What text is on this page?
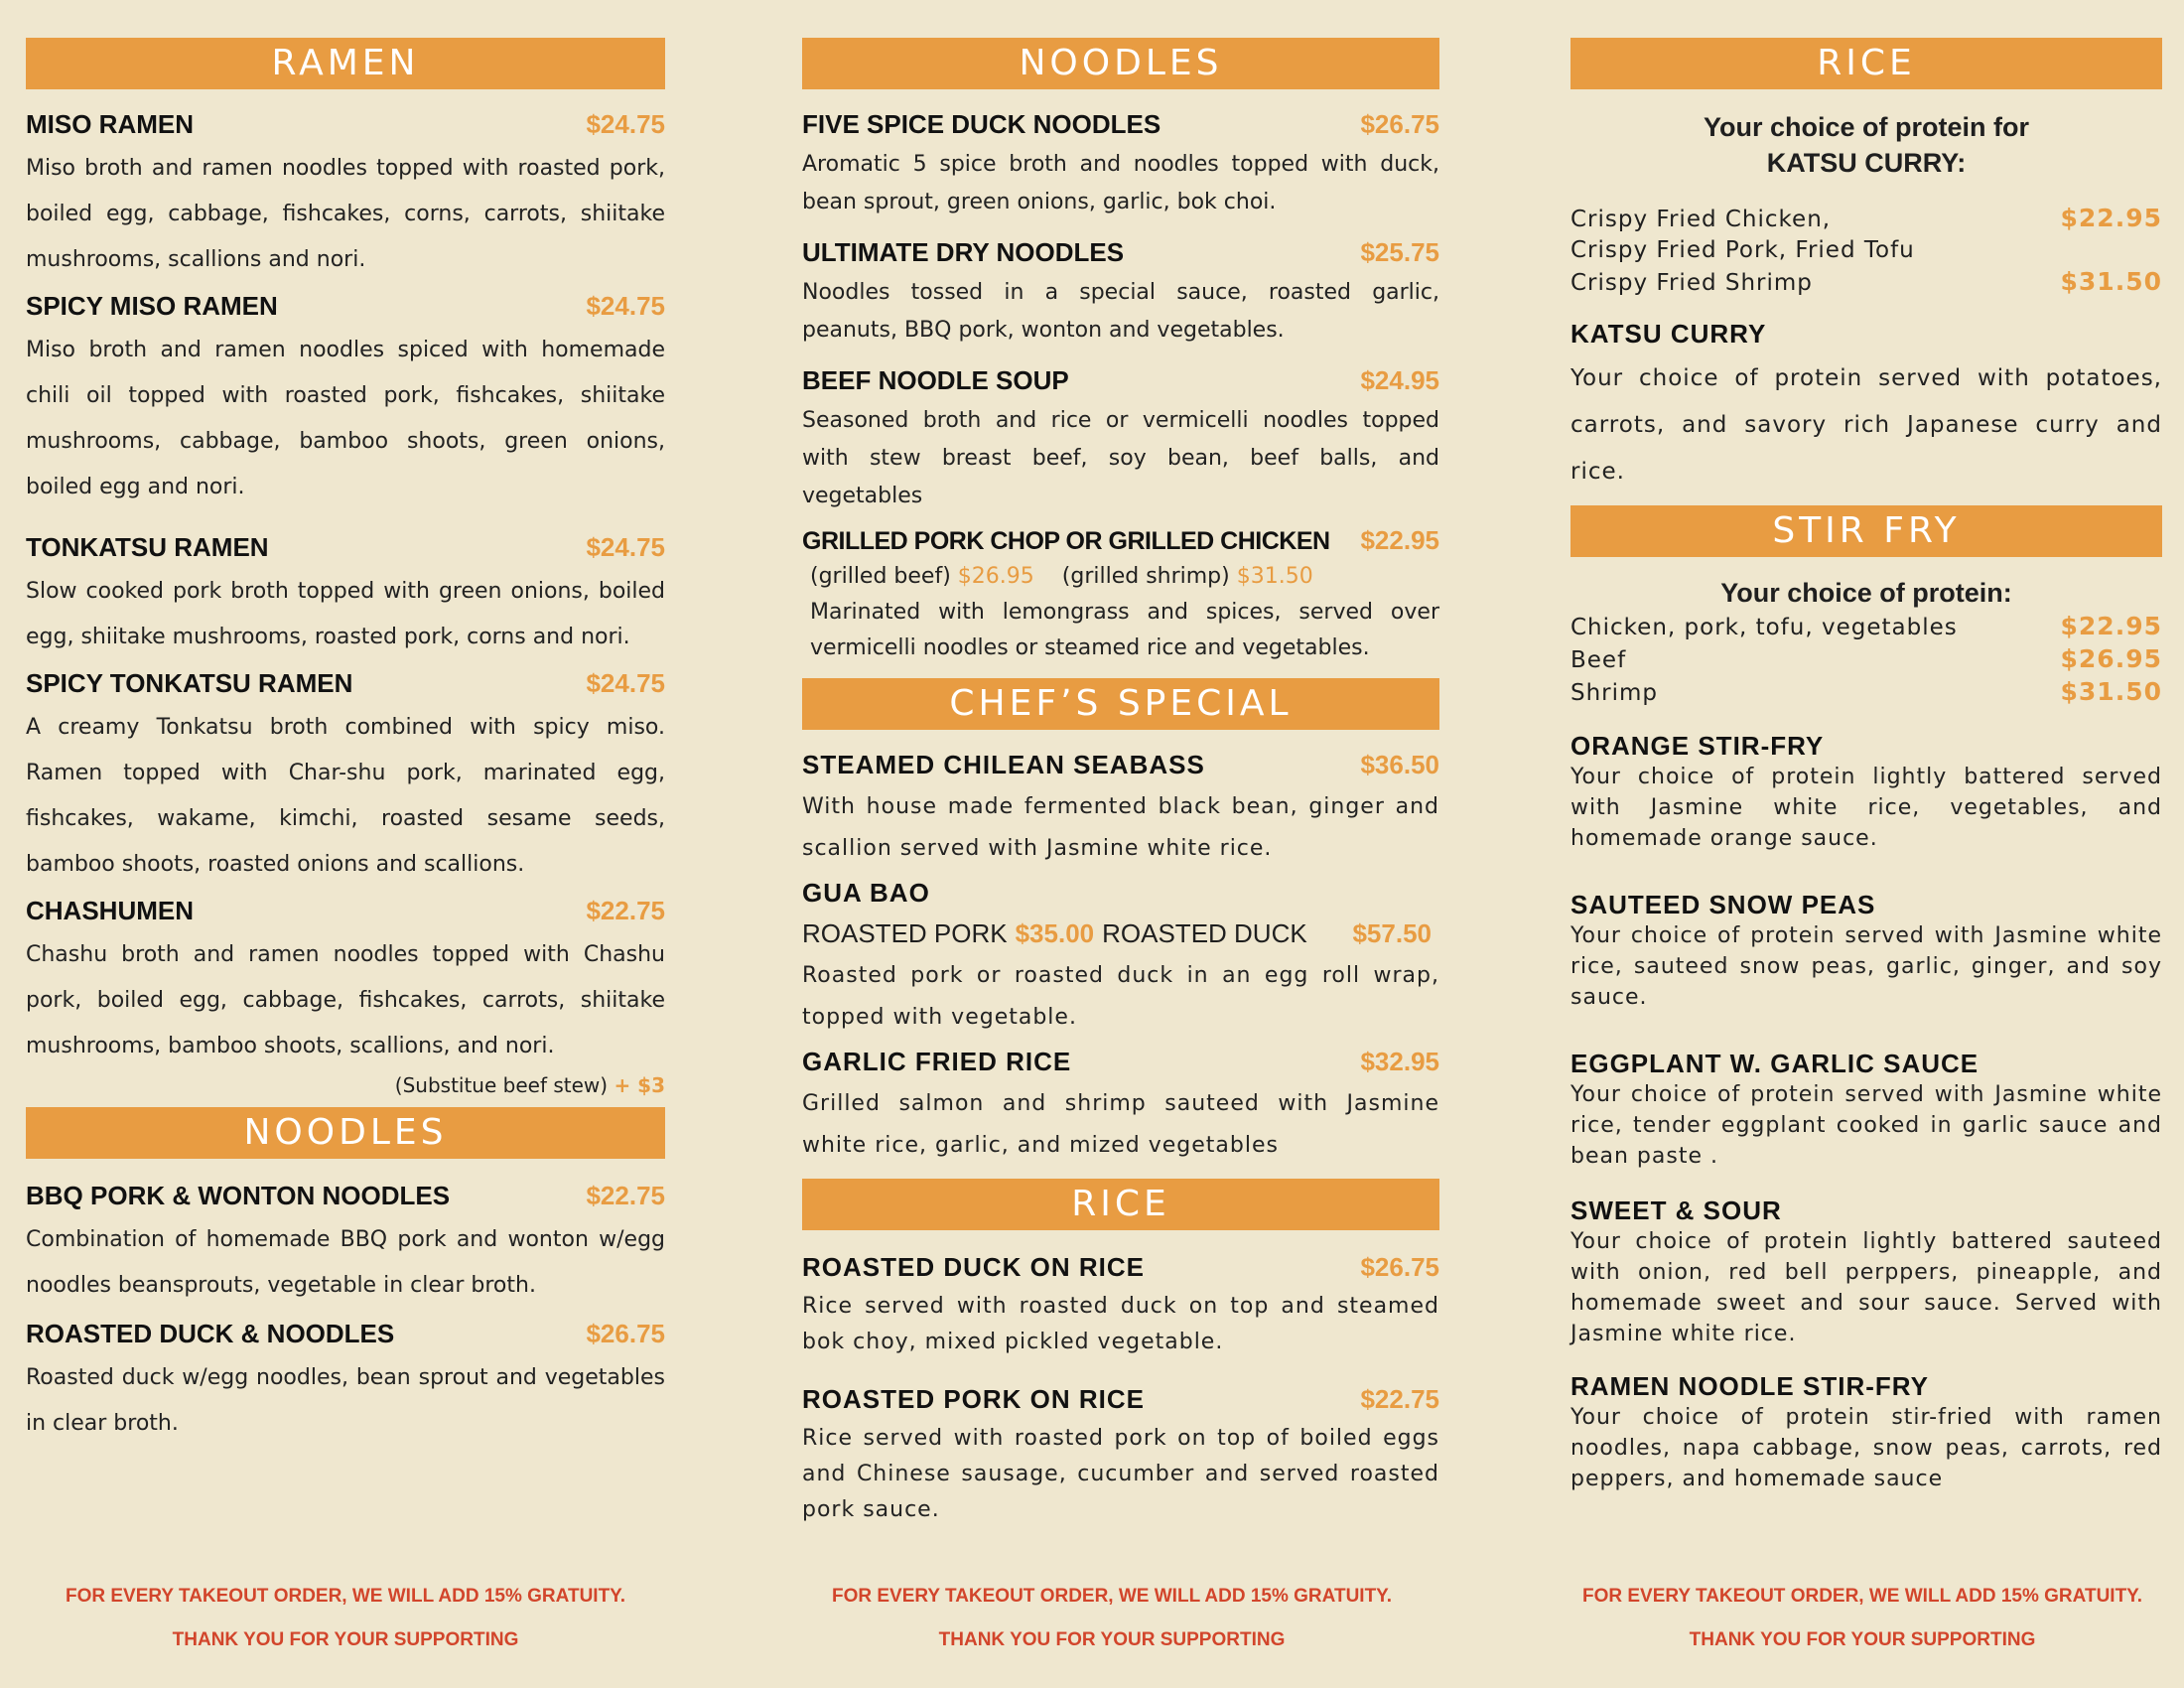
RAMEN
MISO RAMEN	$24.75

Miso broth and ramen noodles topped with roasted pork, boiled egg, cabbage, fishcakes, corns, carrots, shiitake mushrooms, scallions and nori.

SPICY MISO RAMEN	$24.75

Miso broth and ramen noodles spiced with homemade chili oil topped with roasted pork, fishcakes, shiitake mushrooms, cabbage, bamboo shoots, green onions, boiled egg and nori.

TONKATSU RAMEN	$24.75

Slow cooked pork broth topped with green onions, boiled egg, shiitake mushrooms, roasted pork, corns and nori.

SPICY TONKATSU RAMEN	$24.75

A creamy Tonkatsu broth combined with spicy miso. Ramen topped with Char-shu pork, marinated egg, fishcakes, wakame, kimchi, roasted sesame seeds, bamboo shoots, roasted onions and scallions.

CHASHUMEN	$22.75

Chashu broth and ramen noodles topped with Chashu pork, boiled egg, cabbage, fishcakes, carrots, shiitake mushrooms, bamboo shoots, scallions, and nori.

(Substitue beef stew) + $3
NOODLES
BBQ PORK & WONTON NOODLES	$22.75

Combination of homemade BBQ pork and wonton w/egg noodles beansprouts, vegetable in clear broth.

ROASTED DUCK & NOODLES	$26.75

Roasted duck w/egg noodles, bean sprout and vegetables in clear broth.

NOODLES
FIVE SPICE DUCK NOODLES	$26.75

Aromatic 5 spice broth and noodles topped with duck, bean sprout, green onions, garlic, bok choi.

ULTIMATE DRY NOODLES	$25.75

Noodles tossed in a special sauce, roasted garlic, peanuts, BBQ pork, wonton and vegetables.

BEEF NOODLE SOUP	$24.95

Seasoned broth and rice or vermicelli noodles topped with stew breast beef, soy bean, beef balls, and vegetables

GRILLED PORK CHOP OR GRILLED CHICKEN $22.95
(grilled beef) $26.95 (grilled shrimp) $31.50

Marinated with lemongrass and spices, served over vermicelli noodles or steamed rice and vegetables.

CHEF’S SPECIAL
STEAMED CHILEAN SEABASS	$36.50

With house made fermented black bean, ginger and scallion served with Jasmine white rice.

GUA BAO
ROASTED PORK $35.00 ROASTED DUCK $57.50

Roasted pork or roasted duck in an egg roll wrap, topped with vegetable.

GARLIC FRIED RICE	$32.95

Grilled salmon and shrimp sauteed with Jasmine white rice, garlic, and mized vegetables

RICE
ROASTED DUCK ON RICE	$26.75

Rice served with roasted duck on top and steamed bok choy, mixed pickled vegetable.

ROASTED PORK ON RICE	$22.75

Rice served with roasted pork on top of boiled eggs and Chinese sausage, cucumber and served roasted pork sauce.

RICE
Your choice of protein for
KATSU CURRY:
Crispy Fried Chicken,	$22.95
Crispy Fried Pork, Fried Tofu
Crispy Fried Shrimp	$31.50
KATSU CURRY

Your choice of protein served with potatoes, carrots, and savory rich Japanese curry and rice.

STIR FRY
Your choice of protein:
Chicken, pork, tofu, vegetables	$22.95
Beef	$26.95
Shrimp	$31.50
ORANGE STIR-FRY

Your choice of protein lightly battered served with Jasmine white rice, vegetables, and homemade orange sauce.

SAUTEED SNOW PEAS

Your choice of protein served with Jasmine white rice, sauteed snow peas, garlic, ginger, and soy sauce.

EGGPLANT W. GARLIC SAUCE

Your choice of protein served with Jasmine white rice, tender eggplant cooked in garlic sauce and bean paste .

SWEET & SOUR

Your choice of protein lightly battered sauteed with onion, red bell perppers, pineapple, and homemade sweet and sour sauce. Served with Jasmine white rice.

RAMEN NOODLE STIR-FRY

Your choice of protein stir-fried with ramen noodles, napa cabbage, snow peas, carrots, red peppers, and homemade sauce

FOR EVERY TAKEOUT ORDER, WE WILL ADD 15% GRATUITY.
THANK YOU FOR YOUR SUPPORTING
FOR EVERY TAKEOUT ORDER, WE WILL ADD 15% GRATUITY.
THANK YOU FOR YOUR SUPPORTING
FOR EVERY TAKEOUT ORDER, WE WILL ADD 15% GRATUITY.
THANK YOU FOR YOUR SUPPORTING
